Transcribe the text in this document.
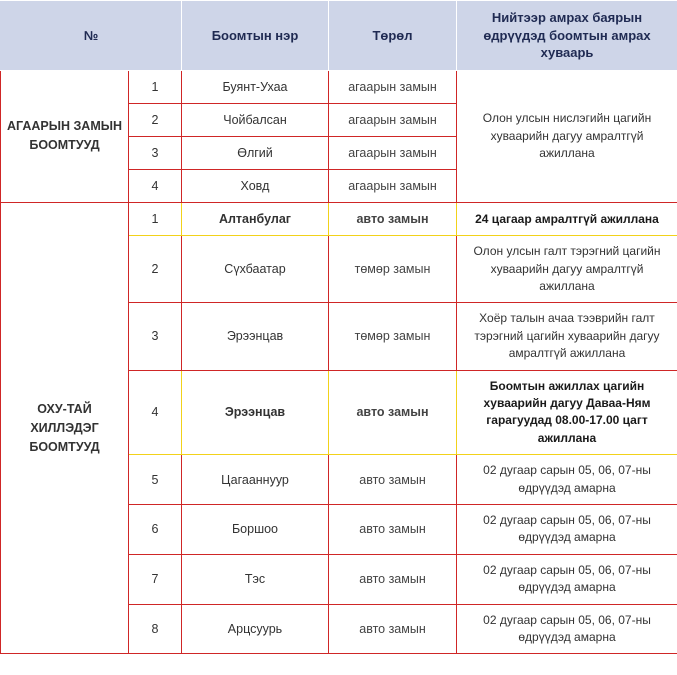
№		Боомтын нэр	Төрөл	Нийтээр амрах баярын өдрүүдэд боомтын амрах хуваарь
АГААРЫН ЗАМЫН БООМТУУД	1	Буянт-Ухаа	агаарын замын	Олон улсын нислэгийн цагийн хуваарийн дагуу амралтгүй ажиллана
	2	Чойбалсан	агаарын замын	
	3	Өлгий	агаарын замын	
	4	Ховд	агаарын замын	
ОХУ-ТАЙ ХИЛЛЭДЭГ БООМТУУД	1	Алтанбулаг	авто замын	24 цагаар амралтгүй ажиллана
	2	Сүхбаатар	төмөр замын	Олон улсын галт тэрэгний цагийн хуваарийн дагуу амралтгүй ажиллана
	3	Эрээнцав	төмөр замын	Хоёр талын ачаа тээврийн галт тэрэгний цагийн хуваарийн дагуу амралтгүй ажиллана
	4	Эрээнцав	авто замын	Боомтын ажиллах цагийн хуваарийн дагуу Даваа-Ням гарагуудад 08.00-17.00 цагт ажиллана
	5	Цагааннуур	авто замын	02 дугаар сарын 05, 06, 07-ны өдрүүдэд амарна
	6	Боршоо	авто замын	02 дугаар сарын 05, 06, 07-ны өдрүүдэд амарна
	7	Тэс	авто замын	02 дугаар сарын 05, 06, 07-ны өдрүүдэд амарна
	8	Арцсуурь	авто замын	02 дугаар сарын 05, 06, 07-ны өдрүүдэд амарна
